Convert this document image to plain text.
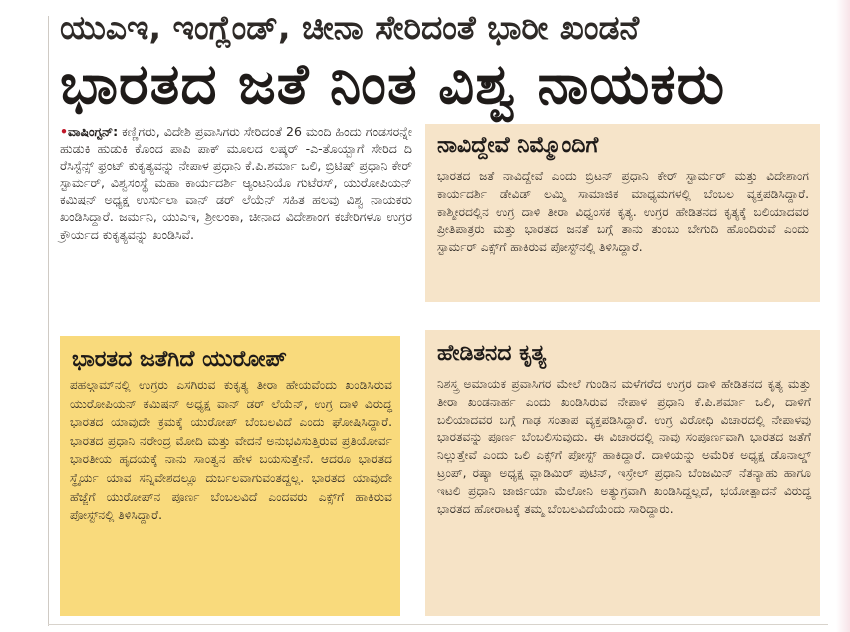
ಯುಎಇ, ಇಂಗ್ಲೆಂಡ್, ಚೀನಾ ಸೇರಿದಂತೆ ಭಾರೀ ಖಂಡನೆ
ಭಾರತದ ಜತೆ ನಿಂತ ವಿಶ್ವ ನಾಯಕರು
•ವಾಷಿಂಗ್ಟನ್: ಕಣ್ಣಿಗರು, ವಿದೇಶಿ ಪ್ರವಾಸಿಗರು ಸೇರಿದಂತೆ 26 ಮಂದಿ ಹಿಂದು ಗಂಡಸರನ್ನೇ ಹುಡುಕಿ ಹುಡುಕಿ ಕೊಂದ ಪಾಪಿ ಪಾಕ್ ಮೂಲದ ಲಷ್ಕರ್ -ಎ-ತೊಯ್ಬಾಗೆ ಸೇರಿದ ದಿ ರೆಸಿಸ್ಟೆನ್ಸ್ ಫ್ರಂಟ್ ಕುಕೃತ್ಯವನ್ನು ನೇಪಾಳ ಪ್ರಧಾನಿ ಕೆ.ಪಿ.ಶರ್ಮಾ ಒಲಿ, ಬ್ರಿಟಿಷ್ ಪ್ರಧಾನಿ ಕೇರ್ ಸ್ಟಾರ್ಮರ್, ವಿಶ್ವಸಂಸ್ಥೆ ಮಹಾ ಕಾರ್ಯದರ್ಶಿ ಆ್ಯಂಟನಿಯೊ ಗುಟೆರಸ್, ಯುರೋಪಿಯನ್ ಕಮಿಷನ್ ಅಧ್ಯಕ್ಷ ಉರ್ಸುಲಾ ವಾನ್ ಡರ್ ಲೆಯೆನ್ ಸಹಿತ ಹಲವು ವಿಶ್ವ ನಾಯಕರು ಖಂಡಿಸಿದ್ದಾರೆ. ಜರ್ಮನಿ, ಯುಎಇ, ಶ್ರೀಲಂಕಾ, ಚೀನಾದ ವಿದೇಶಾಂಗ ಕಚೇರಿಗಳೂ ಉಗ್ರರ ಕ್ರೌರ್ಯದ ಕುಕೃತ್ಯವನ್ನು ಖಂಡಿಸಿವೆ.
ನಾವಿದ್ದೇವೆ ನಿಮ್ಮೊಂದಿಗೆ

ಭಾರತದ ಜತೆ ನಾವಿದ್ದೇವೆ ಎಂದು ಬ್ರಿಟನ್ ಪ್ರಧಾನಿ ಕೇರ್ ಸ್ಟಾರ್ಮರ್ ಮತ್ತು ವಿದೇಶಾಂಗ ಕಾರ್ಯದರ್ಶಿ ಡೇವಿಡ್ ಲಮ್ಮಿ ಸಾಮಾಜಿಕ ಮಾಧ್ಯಮಗಳಲ್ಲಿ ಬೆಂಬಲ ವ್ಯಕ್ತಪಡಿಸಿದ್ದಾರೆ. ಕಾಶ್ಮೀರದಲ್ಲಿನ ಉಗ್ರ ದಾಳಿ ತೀರಾ ವಿಧ್ವಂಸಕ ಕೃತ್ಯ. ಉಗ್ರರ ಹೇಡಿತನದ ಕೃತ್ಯಕ್ಕೆ ಬಲಿಯಾದವರ ಪ್ರೀತಿಪಾತ್ರರು ಮತ್ತು ಭಾರತದ ಜನತೆ ಬಗ್ಗೆ ತಾನು ತುಂಬು ಬೇಗುದಿ ಹೊಂದಿರುವೆ ಎಂದು ಸ್ಟಾರ್ಮರ್ ಎಕ್ಸ್‌ಗೆ ಹಾಕಿರುವ ಪೋಸ್ಟ್‌ನಲ್ಲಿ ತಿಳಿಸಿದ್ದಾರೆ.

ಭಾರತದ ಜತೆಗಿದೆ ಯುರೋಪ್

ಪಹಲ್ಗಾಮ್‌ನಲ್ಲಿ ಉಗ್ರರು ಎಸಗಿರುವ ಕುಕೃತ್ಯ ತೀರಾ ಹೇಯವೆಂದು ಖಂಡಿಸಿರುವ ಯುರೋಪಿಯನ್ ಕಮಿಷನ್ ಅಧ್ಯಕ್ಷ ವಾನ್ ಡರ್ ಲೆಯೆನ್, ಉಗ್ರ ದಾಳಿ ವಿರುದ್ಧ ಭಾರತದ ಯಾವುದೇ ಕ್ರಮಕ್ಕೆ ಯುರೋಪ್ ಬೆಂಬಲವಿದೆ ಎಂದು ಘೋಷಿಸಿದ್ದಾರೆ. ಭಾರತದ ಪ್ರಧಾನಿ ನರೇಂದ್ರ ಮೋದಿ ಮತ್ತು ವೇದನೆ ಅನುಭವಿಸುತ್ತಿರುವ ಪ್ರತಿಯೋರ್ವ ಭಾರತೀಯ ಹೃದಯಕ್ಕೆ ನಾನು ಸಾಂತ್ವನ ಹೇಳ ಬಯಸುತ್ತೇನೆ. ಆದರೂ ಭಾರತದ ಸ್ಥೈರ್ಯ ಯಾವ ಸನ್ನಿವೇಶದಲ್ಲೂ ದುರ್ಬಲವಾಗುವಂತದ್ದಲ್ಲ. ಭಾರತದ ಯಾವುದೇ ಹೆಜ್ಜೆಗೆ ಯುರೋಪ್‌ನ ಪೂರ್ಣ ಬೆಂಬಲವಿದೆ ಎಂದವರು ಎಕ್ಸ್‌ಗೆ ಹಾಕಿರುವ ಪೋಸ್ಟ್‌ನಲ್ಲಿ ತಿಳಿಸಿದ್ದಾರೆ.

ಹೇಡಿತನದ ಕೃತ್ಯ

ನಿಶಸ್ತ್ರ ಅಮಾಯಕ ಪ್ರವಾಸಿಗರ ಮೇಲೆ ಗುಂಡಿನ ಮಳೆಗರೆದ ಉಗ್ರರ ದಾಳಿ ಹೇಡಿತನದ ಕೃತ್ಯ ಮತ್ತು ತೀರಾ ಖಂಡನಾರ್ಹ ಎಂದು ಖಂಡಿಸಿರುವ ನೇಪಾಳ ಪ್ರಧಾನಿ ಕೆ.ಪಿ.ಶರ್ಮಾ ಒಲಿ, ದಾಳಿಗೆ ಬಲಿಯಾದವರ ಬಗ್ಗೆ ಗಾಢ ಸಂತಾಪ ವ್ಯಕ್ತಪಡಿಸಿದ್ದಾರೆ. ಉಗ್ರ ವಿರೋಧಿ ವಿಚಾರದಲ್ಲಿ ನೇಪಾಳವು ಭಾರತವನ್ನು ಪೂರ್ಣ ಬೆಂಬಲಿಸುವುದು. ಈ ವಿಚಾರದಲ್ಲಿ ನಾವು ಸಂಪೂರ್ಣವಾಗಿ ಭಾರತದ ಜತೆಗೆ ನಿಲ್ಲುತ್ತೇವೆ ಎಂದು ಒಲಿ ಎಕ್ಸ್‌ಗೆ ಪೋಸ್ಟ್ ಹಾಕಿದ್ದಾರೆ. ದಾಳಿಯನ್ನು ಅಮೆರಿಕ ಅಧ್ಯಕ್ಷ ಡೊನಾಲ್ಡ್ ಟ್ರಂಪ್, ರಷ್ಯಾ ಅಧ್ಯಕ್ಷ ವ್ಲಾಡಿಮಿರ್ ಪುಟಿನ್, ಇಸ್ರೇಲ್ ಪ್ರಧಾನಿ ಬೆಂಜಮಿನ್ ನೆತನ್ಯಾಹು ಹಾಗೂ ಇಟಲಿ ಪ್ರಧಾನಿ ಜಾರ್ಜಿಯಾ ಮೆಲೋನಿ ಅತ್ಯುಗ್ರವಾಗಿ ಖಂಡಿಸಿದ್ದಲ್ಲದೆ, ಭಯೋತ್ಪಾದನೆ ವಿರುದ್ಧ ಭಾರತದ ಹೋರಾಟಕ್ಕೆ ತಮ್ಮ ಬೆಂಬಲವಿದೆಯೆಂದು ಸಾರಿದ್ದಾರು.
